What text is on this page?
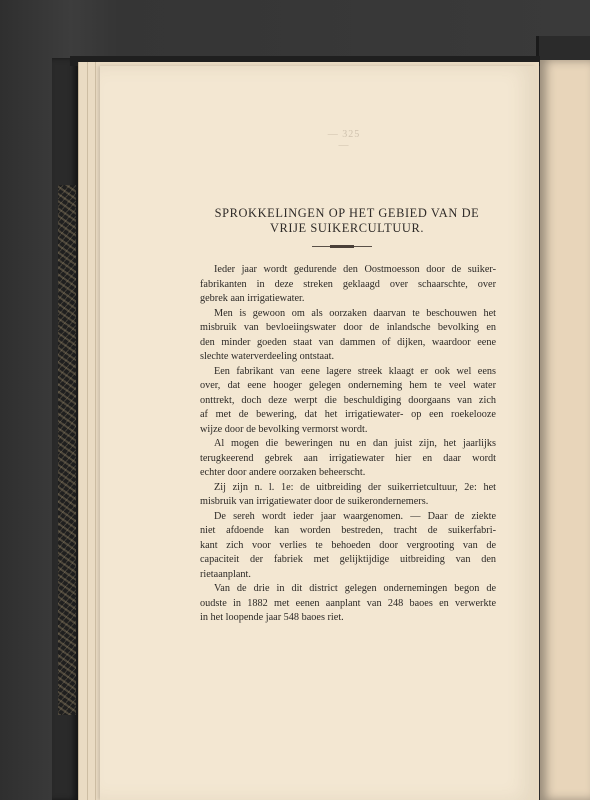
— 325 —
SPROKKELINGEN OP HET GEBIED VAN DE
VRIJE SUIKERCULTUUR.
Ieder jaar wordt gedurende den Oostmoesson door de suiker-
fabrikanten in deze streken geklaagd over schaarschte, over
gebrek aan irrigatiewater.
Men is gewoon om als oorzaken daarvan te beschouwen het
misbruik van bevloeiingswater door de inlandsche bevolking en
den minder goeden staat van dammen of dijken, waardoor eene
slechte waterverdeeling ontstaat.
Een fabrikant van eene lagere streek klaagt er ook wel eens
over, dat eene hooger gelegen onderneming hem te veel water
onttrekt, doch deze werpt die beschuldiging doorgaans van zich
af met de bewering, dat het irrigatiewater- op een roekelooze
wijze door de bevolking vermorst wordt.
Al mogen die beweringen nu en dan juist zijn, het jaarlijks
terugkeerend gebrek aan irrigatiewater hier en daar wordt
echter door andere oorzaken beheerscht.
Zij zijn n. l. 1e: de uitbreiding der suikerrietcultuur, 2e: het
misbruik van irrigatiewater door de suikerondernemers.
De sereh wordt ieder jaar waargenomen. — Daar de ziekte
niet afdoende kan worden bestreden, tracht de suikerfabri-
kant zich voor verlies te behoeden door vergrooting van de
capaciteit der fabriek met gelijktijdige uitbreiding van den
rietaanplant.
Van de drie in dit district gelegen ondernemingen begon de
oudste in 1882 met eenen aanplant van 248 baoes en verwerkte
in het loopende jaar 548 baoes riet.
